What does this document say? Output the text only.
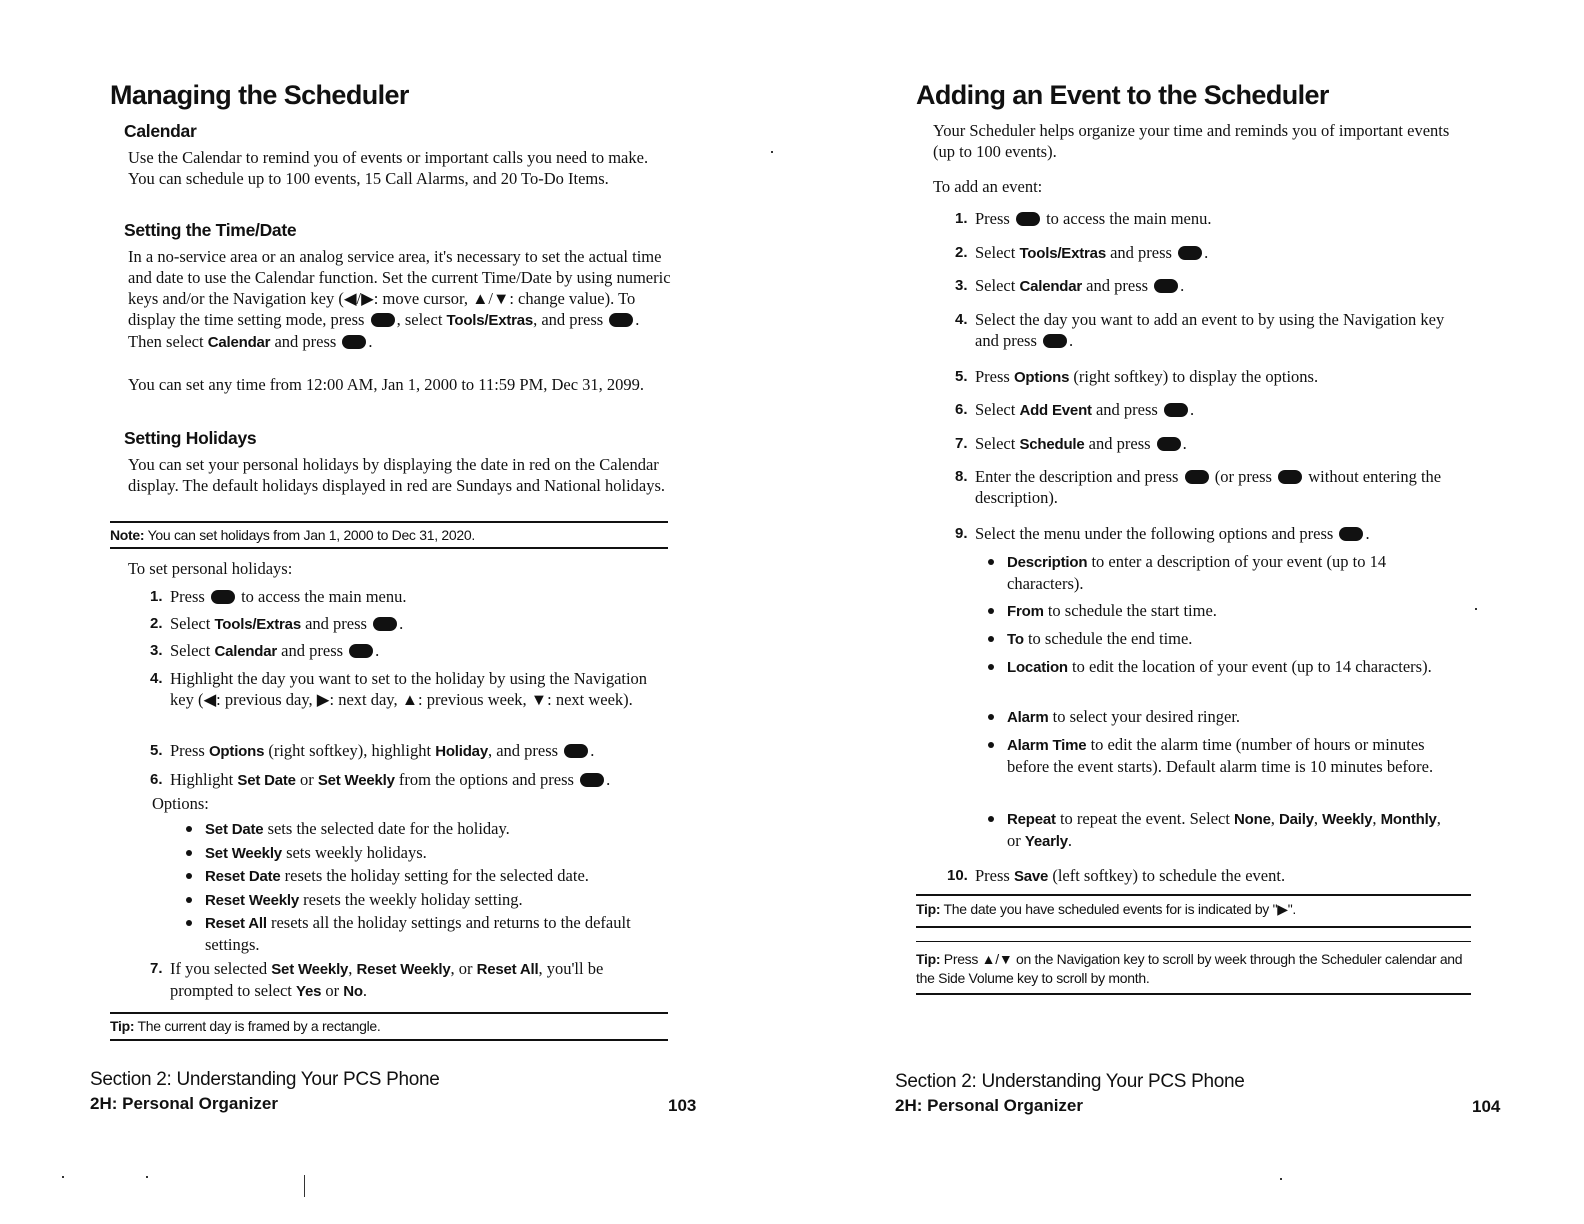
Managing the Scheduler
Calendar
Use the Calendar to remind you of events or important calls you need to make. You can schedule up to 100 events, 15 Call Alarms, and 20 To-Do Items.
Setting the Time/Date
In a no-service area or an analog service area, it's necessary to set the actual time and date to use the Calendar function. Set the current Time/Date by using numeric keys and/or the Navigation key (◀/▶: move cursor, ▲/▼: change value). To display the time setting mode, press , select Tools/Extras, and press . Then select Calendar and press .
You can set any time from 12:00 AM, Jan 1, 2000 to 11:59 PM, Dec 31, 2099.
Setting Holidays
You can set your personal holidays by displaying the date in red on the Calendar display. The default holidays displayed in red are Sundays and National holidays.
Note: You can set holidays from Jan 1, 2000 to Dec 31, 2020.
To set personal holidays:
1. Press to access the main menu.
2. Select Tools/Extras and press .
3. Select Calendar and press .
4. Highlight the day you want to set to the holiday by using the Navigation key (◀: previous day, ▶: next day, ▲: previous week, ▼: next week).
5. Press Options (right softkey), highlight Holiday, and press .
6. Highlight Set Date or Set Weekly from the options and press .
Options:
Set Date sets the selected date for the holiday.
Set Weekly sets weekly holidays.
Reset Date resets the holiday setting for the selected date.
Reset Weekly resets the weekly holiday setting.
Reset All resets all the holiday settings and returns to the default settings.
7. If you selected Set Weekly, Reset Weekly, or Reset All, you'll be prompted to select Yes or No.
Tip: The current day is framed by a rectangle.
Section 2: Understanding Your PCS Phone
2H: Personal Organizer	103
Adding an Event to the Scheduler
Your Scheduler helps organize your time and reminds you of important events (up to 100 events).
To add an event:
1. Press to access the main menu.
2. Select Tools/Extras and press .
3. Select Calendar and press .
4. Select the day you want to add an event to by using the Navigation key and press .
5. Press Options (right softkey) to display the options.
6. Select Add Event and press .
7. Select Schedule and press .
8. Enter the description and press (or press without entering the description).
9. Select the menu under the following options and press .
Description to enter a description of your event (up to 14 characters).
From to schedule the start time.
To to schedule the end time.
Location to edit the location of your event (up to 14 characters).
Alarm to select your desired ringer.
Alarm Time to edit the alarm time (number of hours or minutes before the event starts). Default alarm time is 10 minutes before.
Repeat to repeat the event. Select None, Daily, Weekly, Monthly, or Yearly.
10. Press Save (left softkey) to schedule the event.
Tip: The date you have scheduled events for is indicated by "▶".
Tip: Press ▲/▼ on the Navigation key to scroll by week through the Scheduler calendar and the Side Volume key to scroll by month.
Section 2: Understanding Your PCS Phone
2H: Personal Organizer	104
